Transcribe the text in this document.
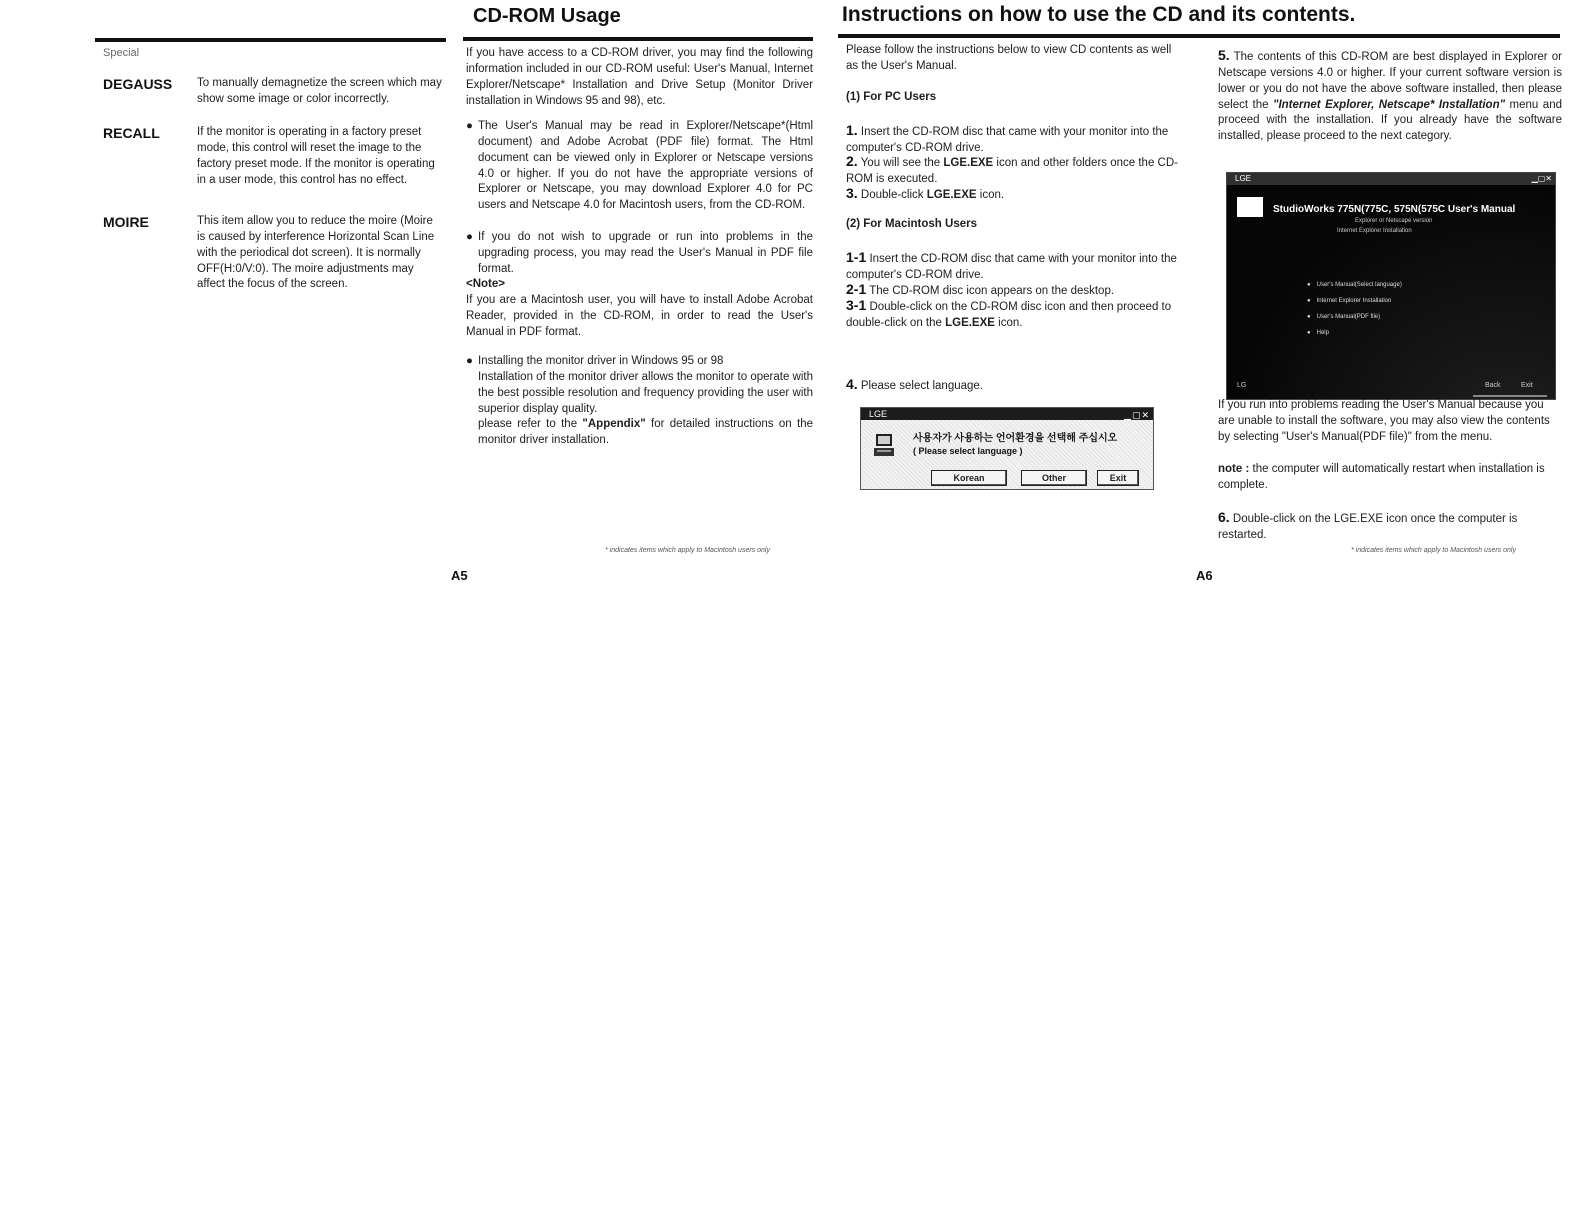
Special
DEGAUSS To manually demagnetize the screen which may show some image or color incorrectly.
RECALL	If the monitor is operating in a factory preset mode, this control will reset the image to the factory preset mode. If the monitor is operating in a user mode, this control has no effect.
MOIRE	This item allow you to reduce the moire (Moire is caused by interference Horizontal Scan Line with the periodical dot screen). It is normally OFF(H:0/V:0). The moire adjustments may affect the focus of the screen.
A5
CD-ROM Usage
If you have access to a CD-ROM driver, you may find the following information included in our CD-ROM useful: User's Manual, Internet Explorer/Netscape* Installation and Drive Setup (Monitor Driver installation in Windows 95 and 98), etc.
● The User's Manual may be read in Explorer/Netscape*(Html document) and Adobe Acrobat (PDF file) format. The Html document can be viewed only in Explorer or Netscape versions 4.0 or higher. If you do not have the appropriate versions of Explorer or Netscape, you may download Explorer 4.0 for PC users and Netscape 4.0 for Macintosh users, from the CD-ROM.
● If you do not wish to upgrade or run into problems in the upgrading process, you may read the User's Manual in PDF file format.
<Note>
If you are a Macintosh user, you will have to install Adobe Acrobat Reader, provided in the CD-ROM, in order to read the User's Manual in PDF format.
● Installing the monitor driver in Windows 95 or 98
Installation of the monitor driver allows the monitor to operate with the best possible resolution and frequency providing the user with superior display quality.
please refer to the "Appendix" for detailed instructions on the monitor driver installation.
* indicates items which apply to Macintosh users only
Instructions on how to use the CD and its contents.
Please follow the instructions below to view CD contents as well as the User's Manual.
(1) For PC Users
1. Insert the CD-ROM disc that came with your monitor into the computer's CD-ROM drive.
2. You will see the LGE.EXE icon and other folders once the CD-ROM is executed.
3. Double-click LGE.EXE icon.
(2) For Macintosh Users
1-1 Insert the CD-ROM disc that came with your monitor into the computer's CD-ROM drive.
2-1 The CD-ROM disc icon appears on the desktop.
3-1 Double-click on the CD-ROM disc icon and then proceed to double-click on the LGE.EXE icon.
4. Please select language.
LGE	▁▢✕
사용자가 사용하는 언어환경을 선택해 주십시오
( Please select language )
Korean	Other	Exit
5. The contents of this CD-ROM are best displayed in Explorer or Netscape versions 4.0 or higher. If your current software version is lower or you do not have the above software installed, then please select the "Internet Explorer, Netscape* Installation" menu and proceed with the installation. If you already have the software installed, please proceed to the next category.
LGE	▁▢✕
StudioWorks 775N(775C, 575N(575C User's Manual
Explorer or Netscape version
Internet Explorer Installation
● User's Manual(Select language)
● Internet Explorer Installation
● User's Manual(PDF file)
● Help
LG	Back	Exit
If you run into problems reading the User's Manual because you are unable to install the software, you may also view the contents by selecting "User's Manual(PDF file)" from the menu.
note : the computer will automatically restart when installation is complete.
6. Double-click on the LGE.EXE icon once the computer is restarted.
* indicates items which apply to Macintosh users only
A6
